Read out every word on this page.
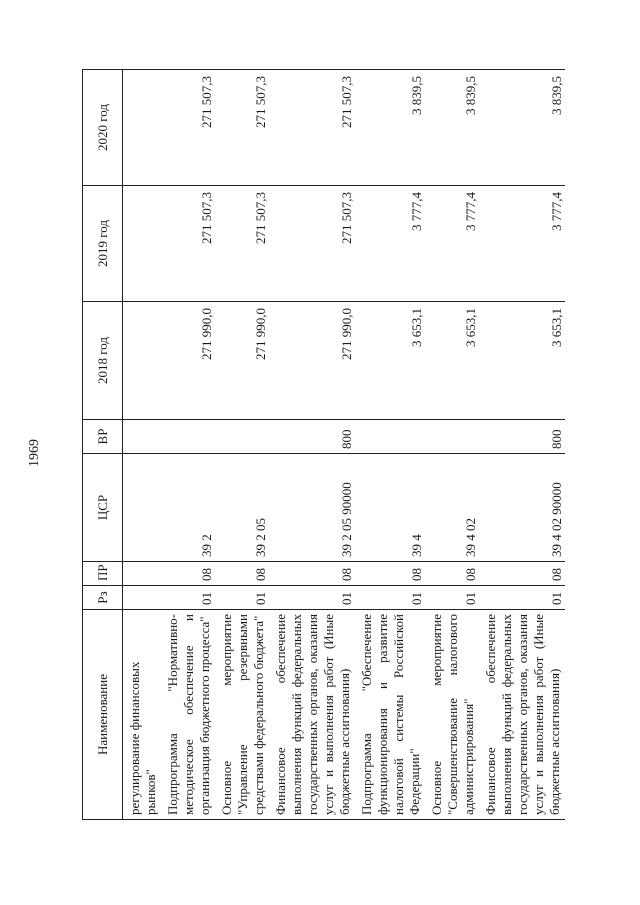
1969
Наименование	Рз	ПР	ЦСР	ВР	2018 год	2019 год	2020 год
регулирование финансовых рынков"							
Подпрограмма "Нормативно-методическое обеспечение и организация бюджетного процесса"	01	08	39 2		271 990,0	271 507,3	271 507,3
Основное мероприятие "Управление резервными средствами федерального бюджета"	01	08	39 2 05		271 990,0	271 507,3	271 507,3
Финансовое обеспечение выполнения функций федеральных государственных органов, оказания услуг и выполнения работ (Иные бюджетные ассигнования)	01	08	39 2 05 90000	800	271 990,0	271 507,3	271 507,3
Подпрограмма "Обеспечение функционирования и развитие налоговой системы Российской Федерации"	01	08	39 4		3 653,1	3 777,4	3 839,5
Основное мероприятие "Совершенствование налогового администрирования"	01	08	39 4 02		3 653,1	3 777,4	3 839,5
Финансовое обеспечение выполнения функций федеральных государственных органов, оказания услуг и выполнения работ (Иные бюджетные ассигнования)	01	08	39 4 02 90000	800	3 653,1	3 777,4	3 839,5
